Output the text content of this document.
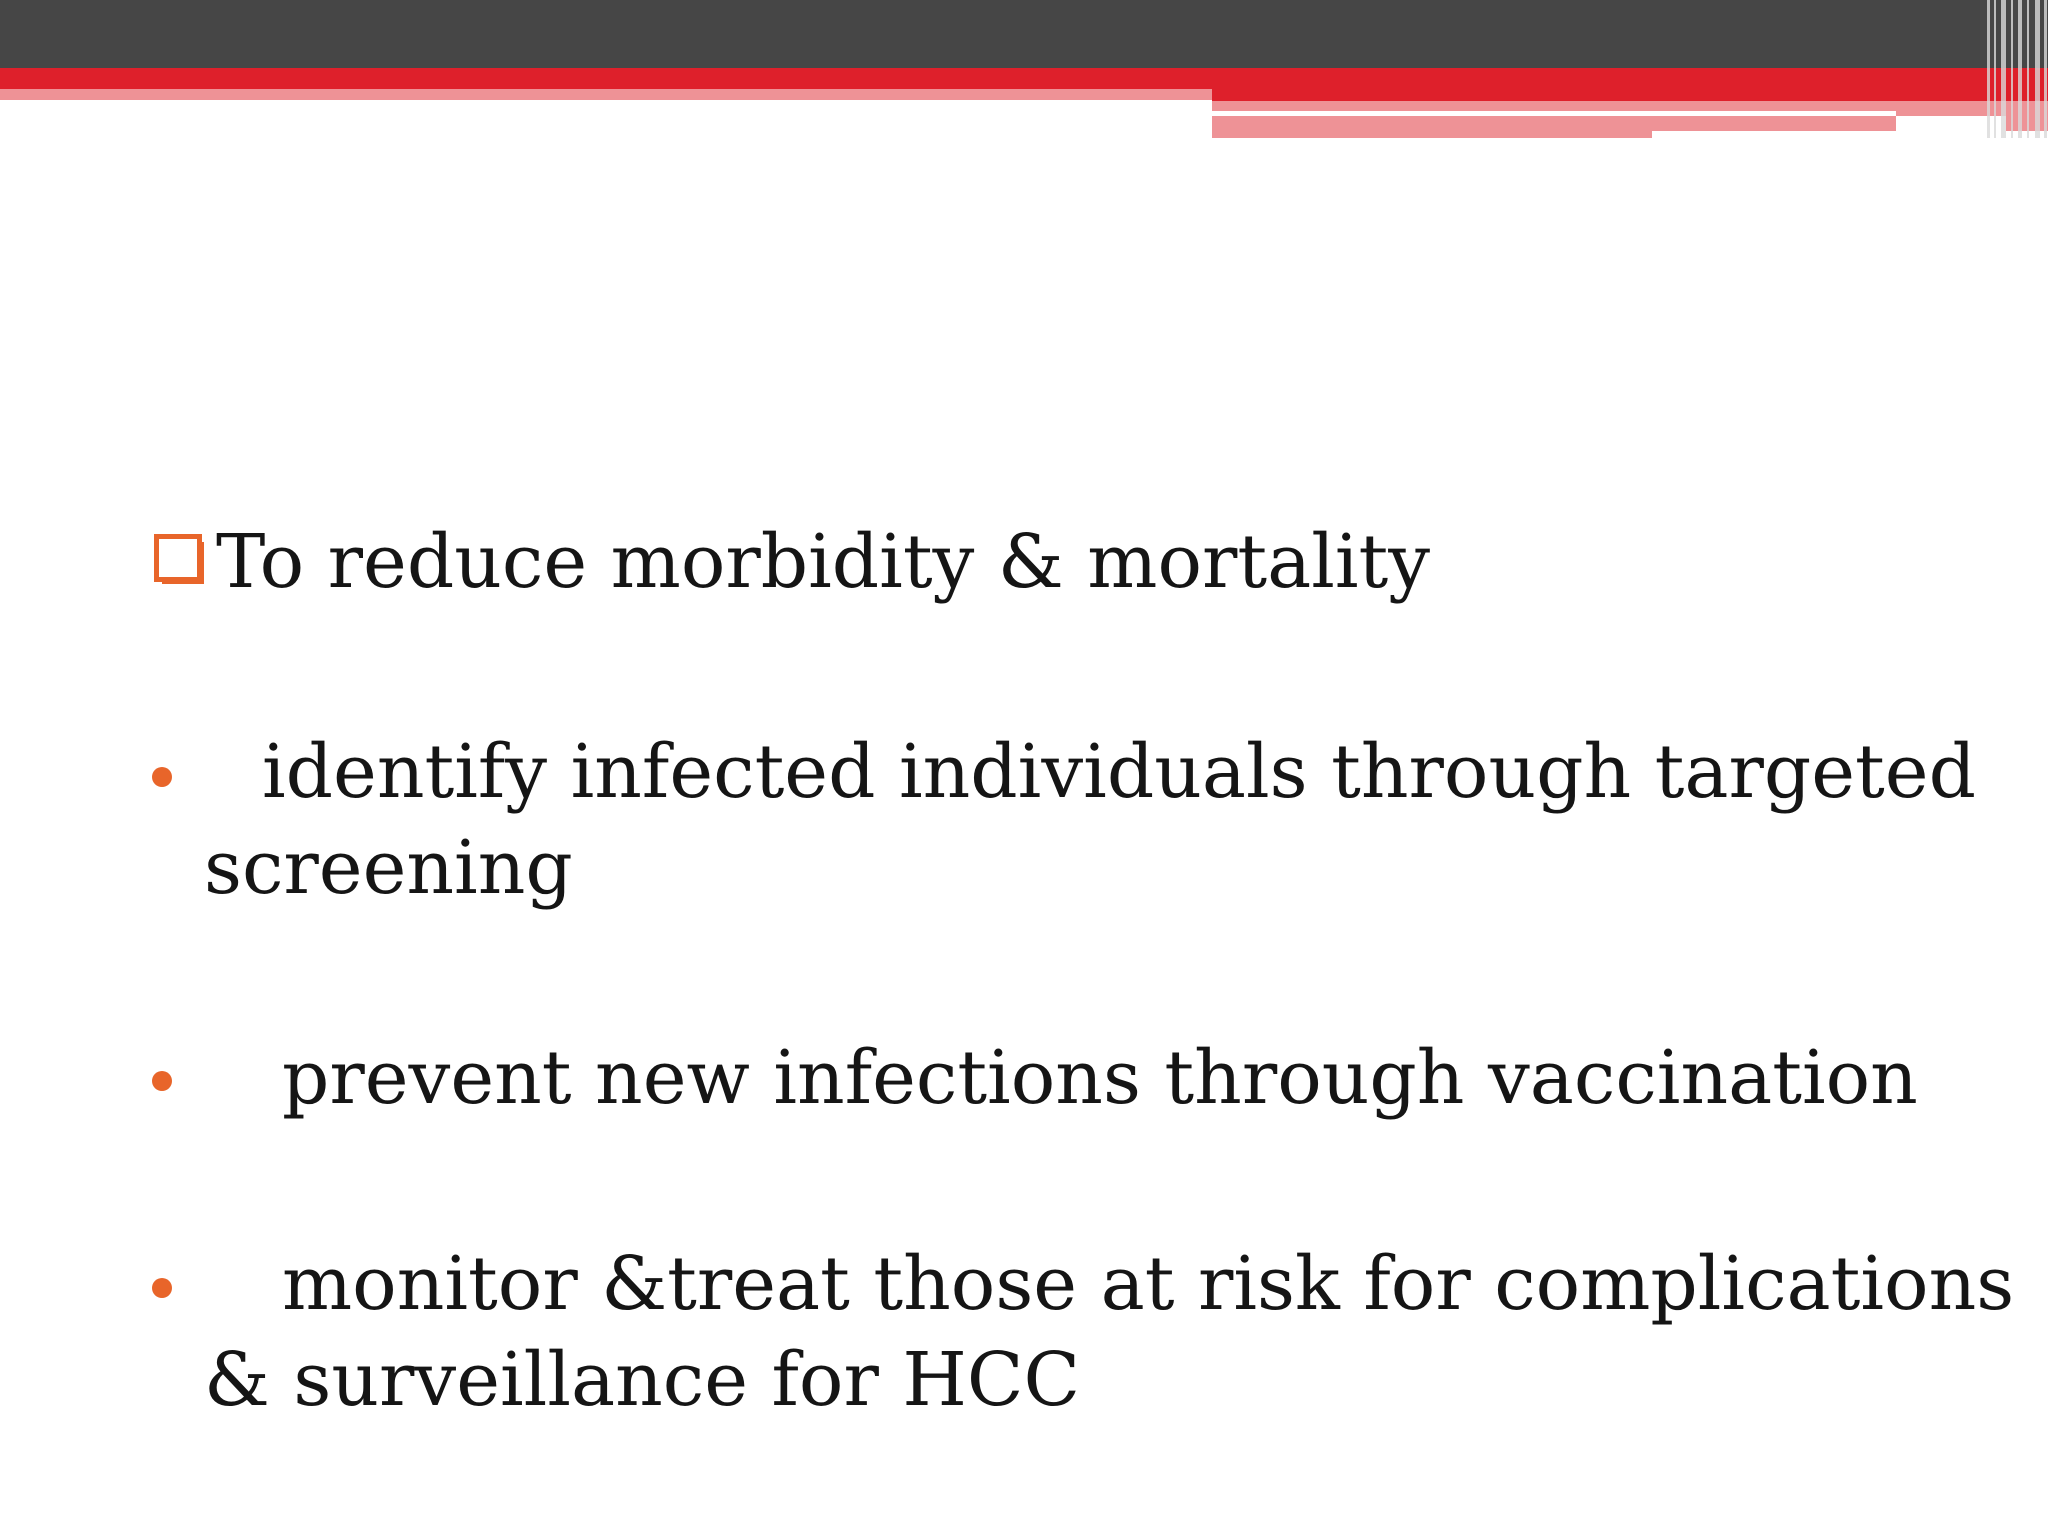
To reduce morbidity & mortality
identify infected individuals through targeted
screening
prevent new infections through vaccination
monitor &treat those at risk for complications
& surveillance for HCC
